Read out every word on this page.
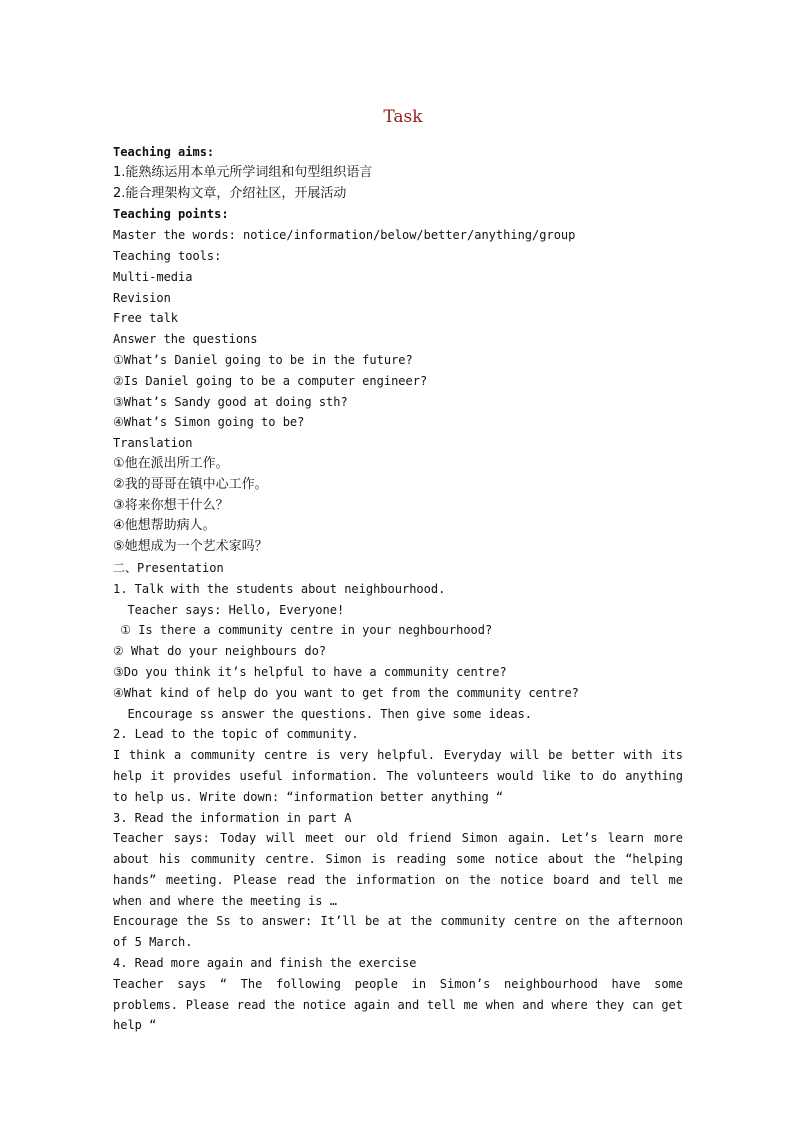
Task
Teaching aims:
1.能熟练运用本单元所学词组和句型组织语言
2.能合理架构文章，介绍社区，开展活动
Teaching points:
Master the words: notice/information/below/better/anything/group
Teaching tools:
Multi-media
Revision
Free talk
Answer the questions
①What’s Daniel going to be in the future?
②Is Daniel going to be a computer engineer?
③What’s Sandy good at doing sth?
④What’s Simon going to be?
Translation
①他在派出所工作。
②我的哥哥在镇中心工作。
③将来你想干什么？
④他想帮助病人。
⑤她想成为一个艺术家吗？
二、Presentation
1. Talk with the students about neighbourhood.
Teacher says: Hello, Everyone!
① Is there a community centre in your neghbourhood?
② What do your neighbours do?
③Do you think it’s helpful to have a community centre?
④What kind of help do you want to get from the community centre?
Encourage ss answer the questions. Then give some ideas.
2. Lead to the topic of community.
I think a community centre is very helpful. Everyday will be better with its help it provides useful information. The volunteers would like to do anything to help us. Write down: “information better anything “
3. Read the information in part A
Teacher says: Today will meet our old friend Simon again. Let’s learn more about his community centre. Simon is reading some notice about the “helping hands” meeting. Please read the information on the notice board and tell me when and where the meeting is …
Encourage the Ss to answer: It’ll be at the community centre on the afternoon of 5 March.
4. Read more again and finish the exercise
Teacher says “ The following people in Simon’s neighbourhood have some problems. Please read the notice again and tell me when and where they can get help “
